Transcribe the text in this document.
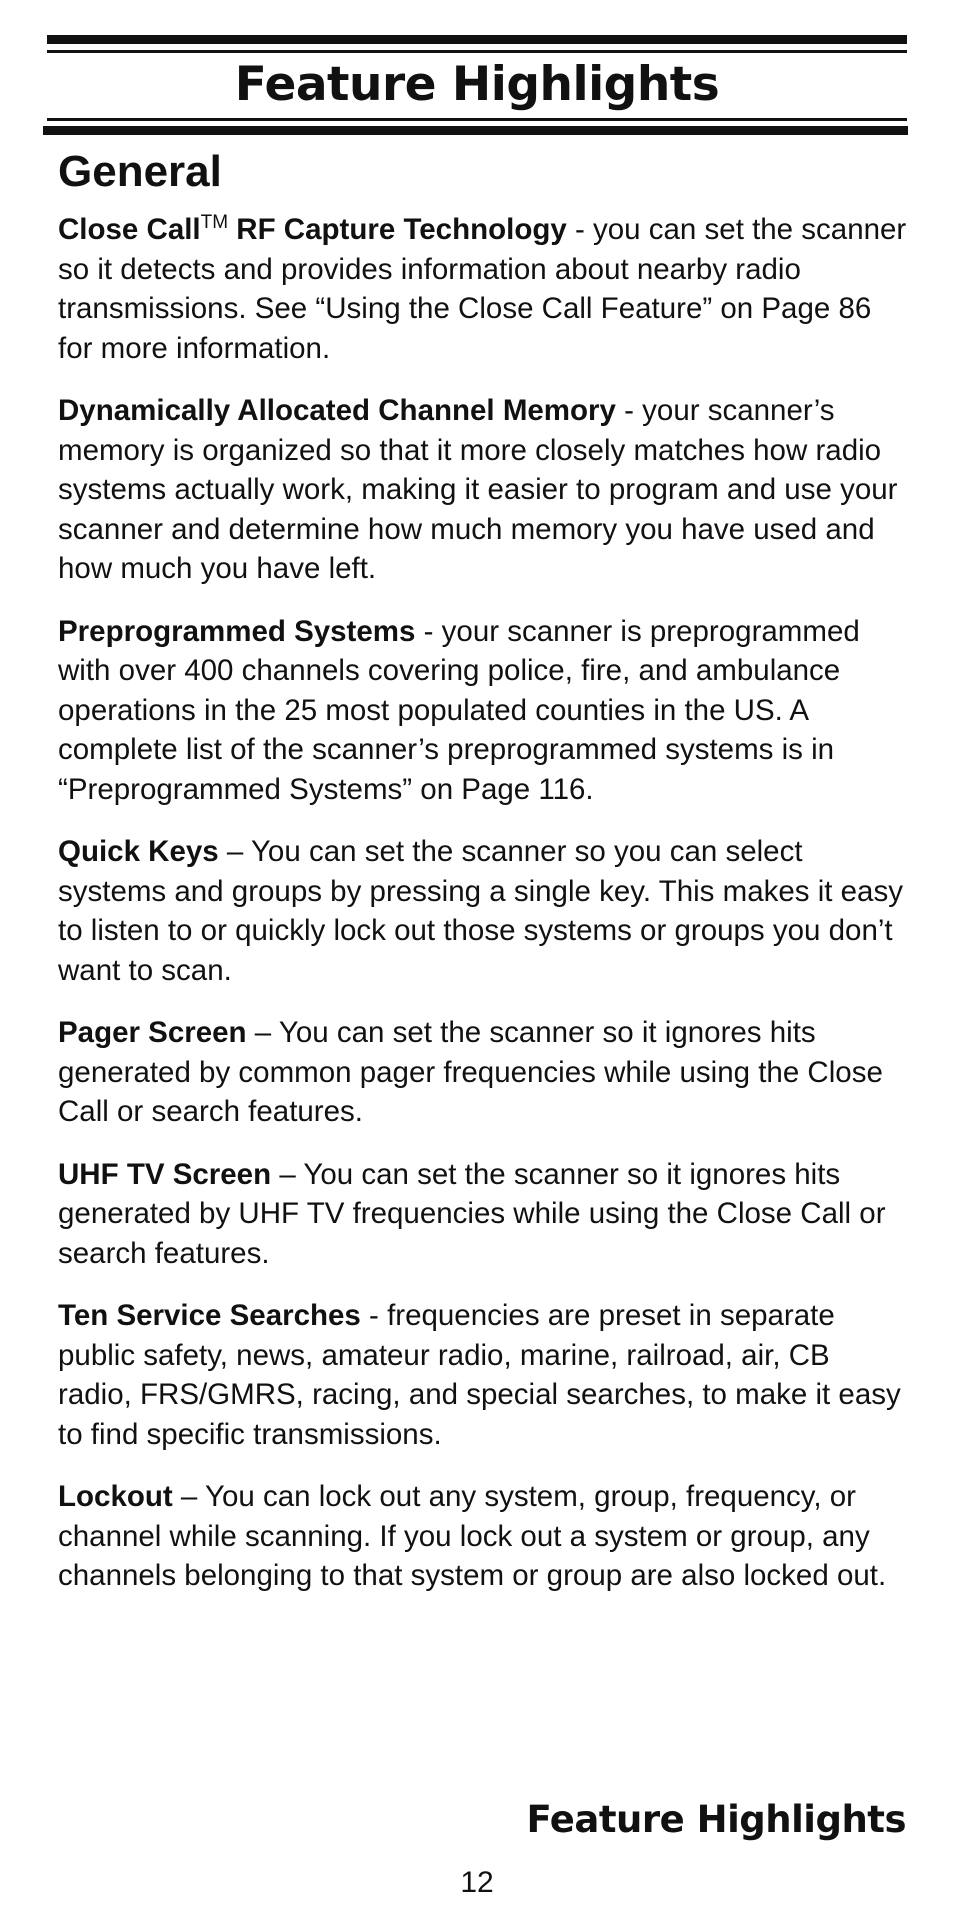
Feature Highlights
General

Close Call™ RF Capture Technology - you can set the scanner so it detects and provides information about nearby radio transmissions. See “Using the Close Call Feature” on Page 86 for more information.

Dynamically Allocated Channel Memory - your scanner’s memory is organized so that it more closely matches how radio systems actually work, making it easier to program and use your scanner and determine how much memory you have used and how much you have left.

Preprogrammed Systems - your scanner is preprogrammed with over 400 channels covering police, fire, and ambulance operations in the 25 most populated counties in the US. A complete list of the scanner’s preprogrammed systems is in “Preprogrammed Systems” on Page 116.

Quick Keys – You can set the scanner so you can select systems and groups by pressing a single key. This makes it easy to listen to or quickly lock out those systems or groups you don’t want to scan.

Pager Screen – You can set the scanner so it ignores hits generated by common pager frequencies while using the Close Call or search features.

UHF TV Screen – You can set the scanner so it ignores hits generated by UHF TV frequencies while using the Close Call or search features.

Ten Service Searches - frequencies are preset in separate public safety, news, amateur radio, marine, railroad, air, CB radio, FRS/GMRS, racing, and special searches, to make it easy to find specific transmissions.

Lockout – You can lock out any system, group, frequency, or channel while scanning. If you lock out a system or group, any channels belonging to that system or group are also locked out.

Feature Highlights

12
